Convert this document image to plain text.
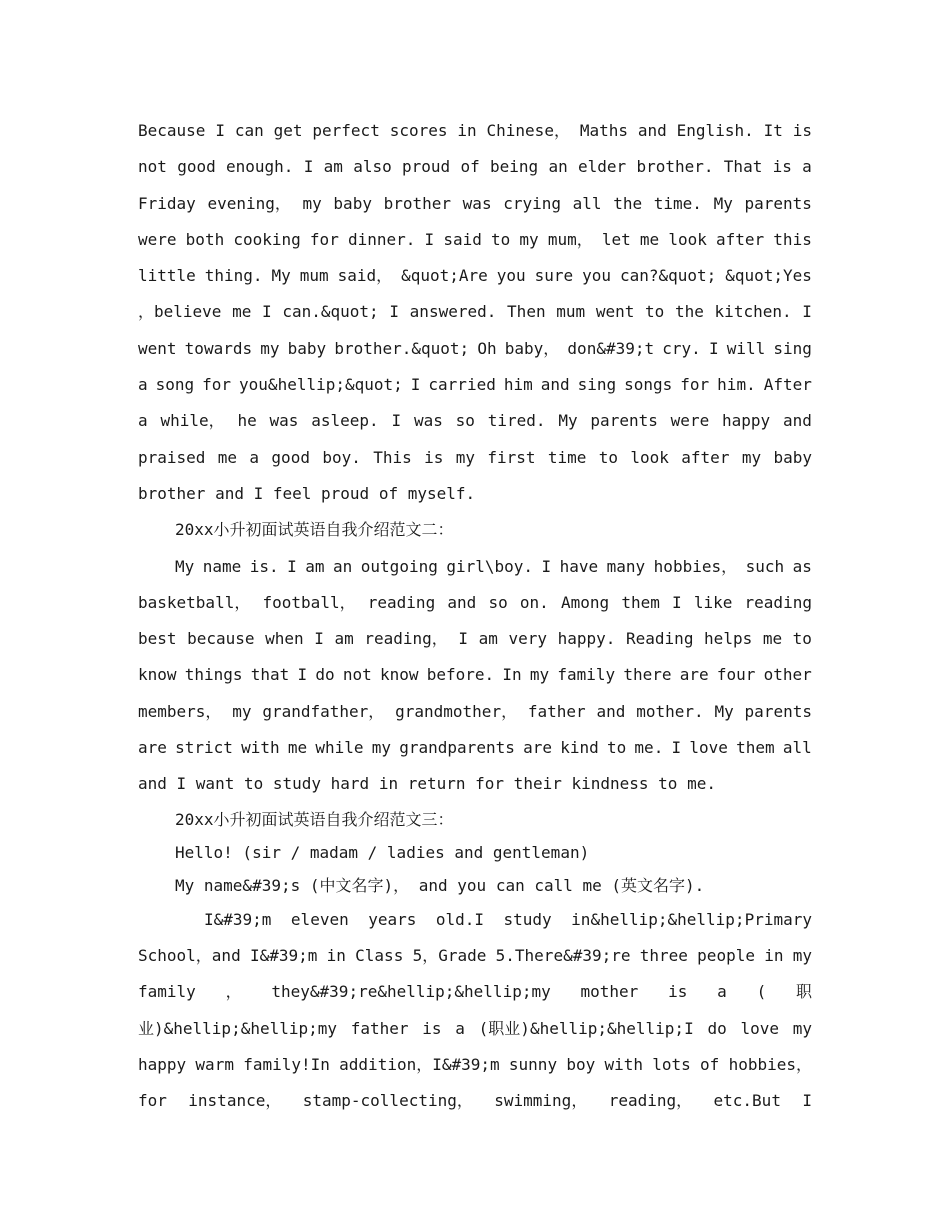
Because I can get perfect scores in Chinese， Maths and English. It is
not good enough. I am also proud of being an elder brother. That is a
Friday evening， my baby brother was crying all the time. My parents
were both cooking for dinner. I said to my mum， let me look after this
little thing. My mum said， &quot;Are you sure you can?&quot; &quot;Yes
，believe me I can.&quot; I answered. Then mum went to the kitchen. I
went towards my baby brother.&quot; Oh baby， don&#39;t cry. I will sing
a song for you&hellip;&quot; I carried him and sing songs for him. After
a while， he was asleep. I was so tired. My parents were happy and
praised me a good boy. This is my first time to look after my baby
brother and I feel proud of myself.
20xx小升初面试英语自我介绍范文二：
My name is. I am an outgoing girl\boy. I have many hobbies， such as
basketball， football， reading and so on. Among them I like reading
best because when I am reading， I am very happy. Reading helps me to
know things that I do not know before. In my family there are four other
members， my grandfather， grandmother， father and mother. My parents
are strict with me while my grandparents are kind to me. I love them all
and I want to study hard in return for their kindness to me.
20xx小升初面试英语自我介绍范文三：
Hello! (sir / madam / ladies and gentleman)
My name&#39;s (中文名字)， and you can call me (英文名字).
I&#39;m eleven years old.I study in&hellip;&hellip;Primary
School，and I&#39;m in Class 5，Grade 5.There&#39;re three people in my
family ， they&#39;re&hellip;&hellip;my mother is a ( 职
业)&hellip;&hellip;my father is a (职业)&hellip;&hellip;I do love my
happy warm family!In addition，I&#39;m sunny boy with lots of hobbies，
for instance， stamp-collecting， swimming， reading， etc.But I
